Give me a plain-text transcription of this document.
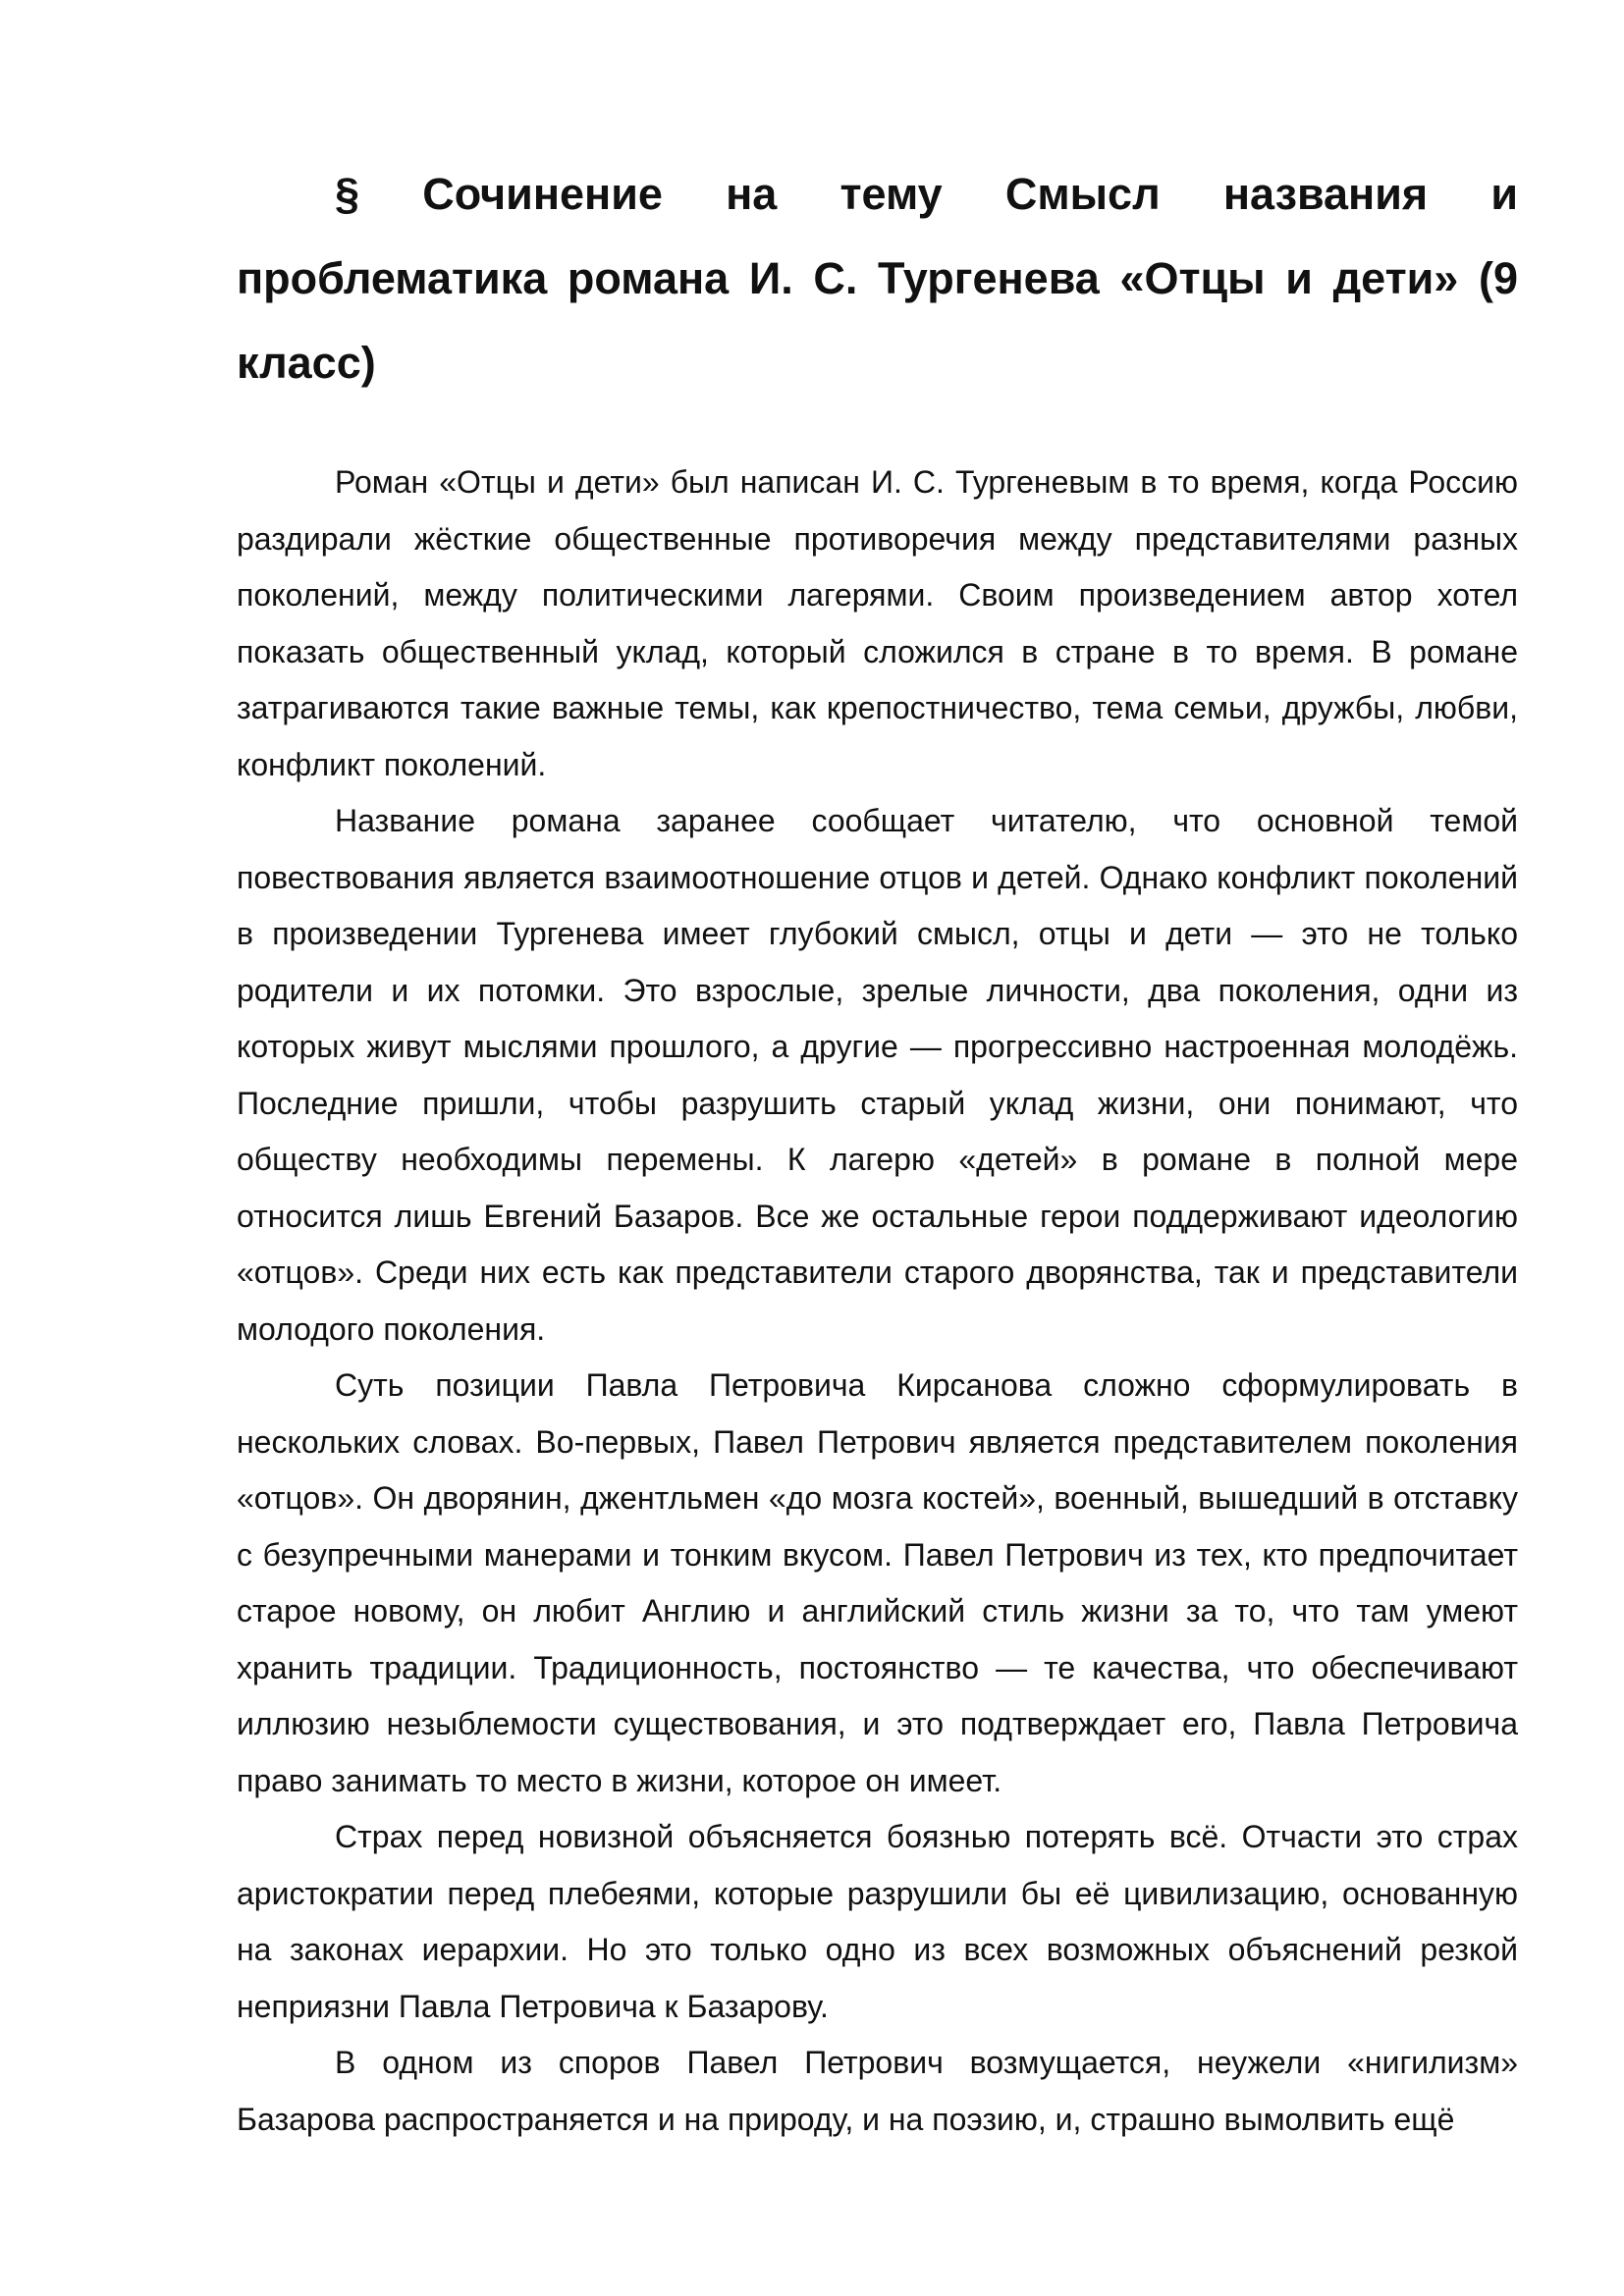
§ Сочинение на тему Смысл названия и проблематика романа И. С. Тургенева «Отцы и дети» (9 класс)

Роман «Отцы и дети» был написан И. С. Тургеневым в то время, когда Россию раздирали жёсткие общественные противоречия между представителями разных поколений, между политическими лагерями. Своим произведением автор хотел показать общественный уклад, который сложился в стране в то время. В романе затрагиваются такие важные темы, как крепостничество, тема семьи, дружбы, любви, конфликт поколений.

Название романа заранее сообщает читателю, что основной темой повествования является взаимоотношение отцов и детей. Однако конфликт поколений в произведении Тургенева имеет глубокий смысл, отцы и дети — это не только родители и их потомки. Это взрослые, зрелые личности, два поколения, одни из которых живут мыслями прошлого, а другие — прогрессивно настроенная молодёжь. Последние пришли, чтобы разрушить старый уклад жизни, они понимают, что обществу необходимы перемены. К лагерю «детей» в романе в полной мере относится лишь Евгений Базаров. Все же остальные герои поддерживают идеологию «отцов». Среди них есть как представители старого дворянства, так и представители молодого поколения.

Суть позиции Павла Петровича Кирсанова сложно сформулировать в нескольких словах. Во-первых, Павел Петрович является представителем поколения «отцов». Он дворянин, джентльмен «до мозга костей», военный, вышедший в отставку с безупречными манерами и тонким вкусом. Павел Петрович из тех, кто предпочитает старое новому, он любит Англию и английский стиль жизни за то, что там умеют хранить традиции. Традиционность, постоянство — те качества, что обеспечивают иллюзию незыблемости существования, и это подтверждает его, Павла Петровича право занимать то место в жизни, которое он имеет.

Страх перед новизной объясняется боязнью потерять всё. Отчасти это страх аристократии перед плебеями, которые разрушили бы её цивилизацию, основанную на законах иерархии. Но это только одно из всех возможных объяснений резкой неприязни Павла Петровича к Базарову.

В одном из споров Павел Петрович возмущается, неужели «нигилизм» Базарова распространяется и на природу, и на поэзию, и, страшно вымолвить ещё
